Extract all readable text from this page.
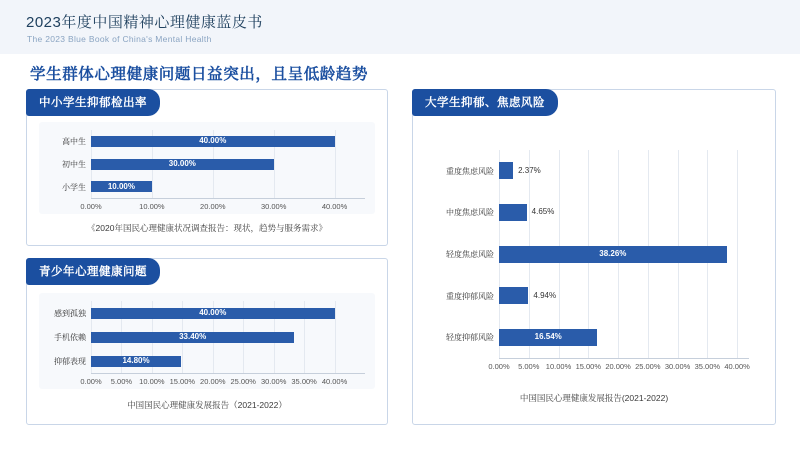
2023年度中国精神心理健康蓝皮书
The 2023 Blue Book of China's Mental Health
学生群体心理健康问题日益突出，且呈低龄趋势
中小学生抑郁检出率
0.00%	10.00%	20.00%	30.00%	40.00%
40.00%
高中生
30.00%
初中生
10.00%
小学生
《2020年国民心理健康状况调查报告：现状，趋势与服务需求》
青少年心理健康问题
0.00%	5.00% 10.00% 15.00% 20.00% 25.00% 30.00% 35.00% 40.00%
40.00%
感到孤独
33.40%
手机依赖
14.80%
抑郁表现
中国国民心理健康发展报告（2021-2022）
大学生抑郁、焦虑风险
0.00%	5.00% 10.00% 15.00% 20.00% 25.00% 30.00% 35.00% 40.00%
2.37%
重度焦虑风险
4.65%
中度焦虑风险
38.26%
轻度焦虑风险
4.94%
重度抑郁风险
16.54%
轻度抑郁风险
中国国民心理健康发展报告(2021-2022)
